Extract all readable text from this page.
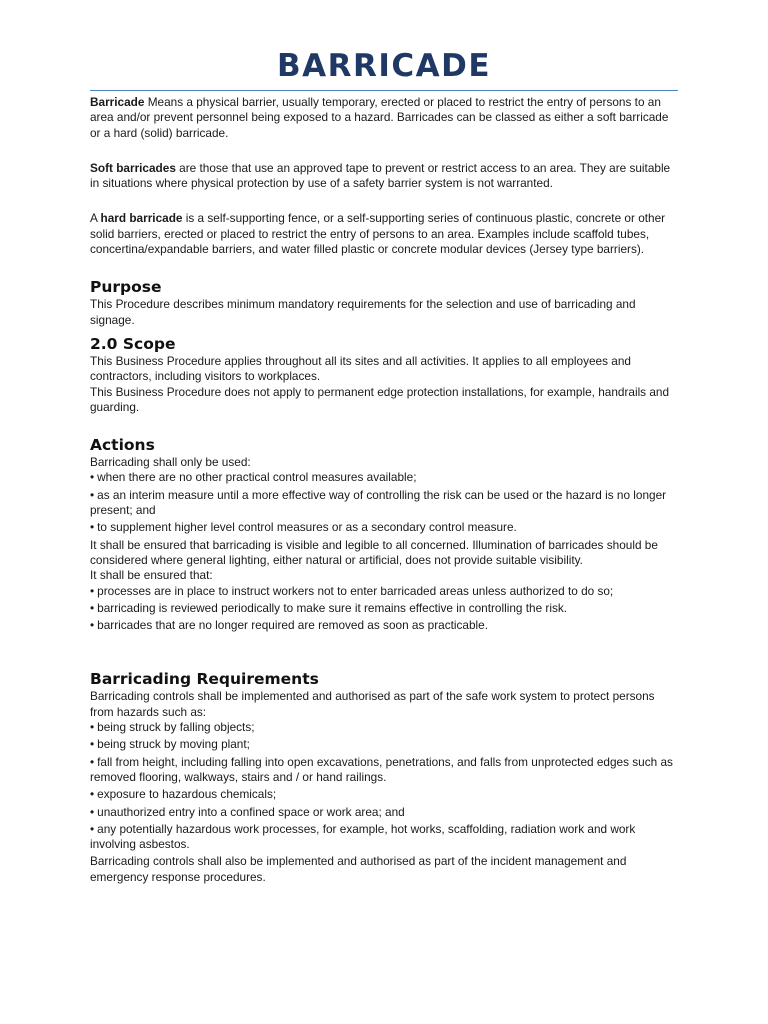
BARRICADE

Barricade Means a physical barrier, usually temporary, erected or placed to restrict the entry of persons to an area and/or prevent personnel being exposed to a hazard. Barricades can be classed as either a soft barricade or a hard (solid) barricade.

Soft barricades are those that use an approved tape to prevent or restrict access to an area. They are suitable in situations where physical protection by use of a safety barrier system is not warranted.

A hard barricade is a self-supporting fence, or a self-supporting series of continuous plastic, concrete or other solid barriers, erected or placed to restrict the entry of persons to an area. Examples include scaffold tubes, concertina/expandable barriers, and water filled plastic or concrete modular devices (Jersey type barriers).

Purpose

This Procedure describes minimum mandatory requirements for the selection and use of barricading and signage.

2.0 Scope

This Business Procedure applies throughout all its sites and all activities. It applies to all employees and contractors, including visitors to workplaces.

This Business Procedure does not apply to permanent edge protection installations, for example, handrails and guarding.

Actions

Barricading shall only be used:

• when there are no other practical control measures available;
• as an interim measure until a more effective way of controlling the risk can be used or the hazard is no longer present; and
• to supplement higher level control measures or as a secondary control measure.

It shall be ensured that barricading is visible and legible to all concerned. Illumination of barricades should be considered where general lighting, either natural or artificial, does not provide suitable visibility.

It shall be ensured that:

• processes are in place to instruct workers not to enter barricaded areas unless authorized to do so;
• barricading is reviewed periodically to make sure it remains effective in controlling the risk.
• barricades that are no longer required are removed as soon as practicable.
Barricading Requirements

Barricading controls shall be implemented and authorised as part of the safe work system to protect persons from hazards such as:

• being struck by falling objects;
• being struck by moving plant;
• fall from height, including falling into open excavations, penetrations, and falls from unprotected edges such as removed flooring, walkways, stairs and / or hand railings.
• exposure to hazardous chemicals;
• unauthorized entry into a confined space or work area; and
• any potentially hazardous work processes, for example, hot works, scaffolding, radiation work and work involving asbestos.

Barricading controls shall also be implemented and authorised as part of the incident management and emergency response procedures.
